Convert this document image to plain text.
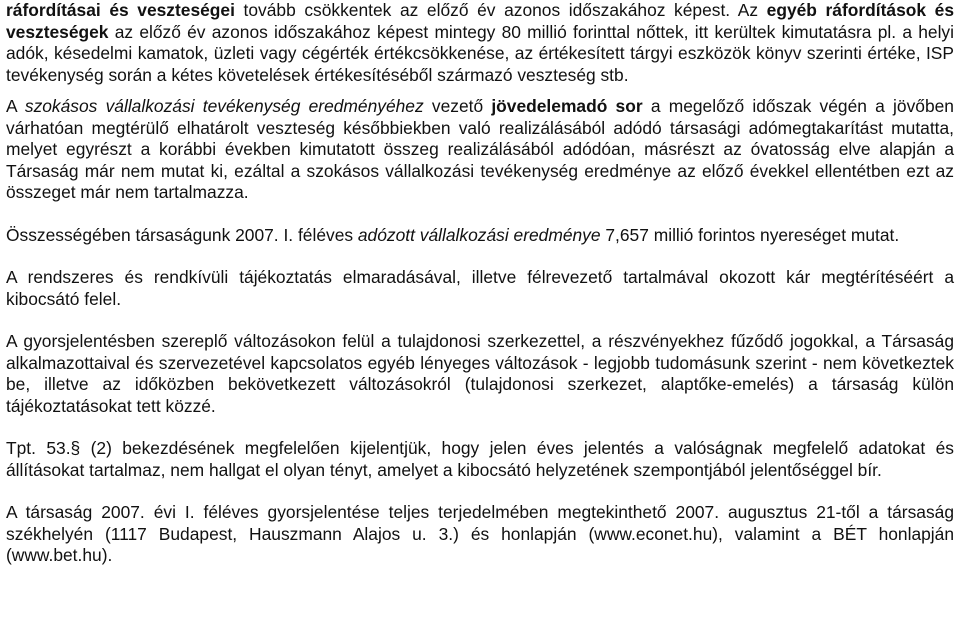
ráfordításai és veszteségei tovább csökkentek az előző év azonos időszakához képest. Az egyéb ráfordítások és veszteségek az előző év azonos időszakához képest mintegy 80 millió forinttal nőttek, itt kerültek kimutatásra pl. a helyi adók, késedelmi kamatok, üzleti vagy cégérték értékcsökkenése, az értékesített tárgyi eszközök könyv szerinti értéke, ISP tevékenység során a kétes követelések értékesítéséből származó veszteség stb.

A szokásos vállalkozási tevékenység eredményéhez vezető jövedelemadó sor a megelőző időszak végén a jövőben várhatóan megtérülő elhatárolt veszteség későbbiekben való realizálásából adódó társasági adómegtakarítást mutatta, melyet egyrészt a korábbi években kimutatott összeg realizálásából adódóan, másrészt az óvatosság elve alapján a Társaság már nem mutat ki, ezáltal a szokásos vállalkozási tevékenység eredménye az előző évekkel ellentétben ezt az összeget már nem tartalmazza.

Összességében társaságunk 2007. I. féléves adózott vállalkozási eredménye 7,657 millió forintos nyereséget mutat.

A rendszeres és rendkívüli tájékoztatás elmaradásával, illetve félrevezető tartalmával okozott kár megtérítéséért a kibocsátó felel.

A gyorsjelentésben szereplő változásokon felül a tulajdonosi szerkezettel, a részvényekhez fűződő jogokkal, a Társaság alkalmazottaival és szervezetével kapcsolatos egyéb lényeges változások - legjobb tudomásunk szerint - nem következtek be, illetve az időközben bekövetkezett változásokról (tulajdonosi szerkezet, alaptőke-emelés) a társaság külön tájékoztatásokat tett közzé.

Tpt. 53.§ (2) bekezdésének megfelelően kijelentjük, hogy jelen éves jelentés a valóságnak megfelelő adatokat és állításokat tartalmaz, nem hallgat el olyan tényt, amelyet a kibocsátó helyzetének szempontjából jelentőséggel bír.

A társaság 2007. évi I. féléves gyorsjelentése teljes terjedelmében megtekinthető 2007. augusztus 21-től a társaság székhelyén (1117 Budapest, Hauszmann Alajos u. 3.) és honlapján (www.econet.hu), valamint a BÉT honlapján (www.bet.hu).
